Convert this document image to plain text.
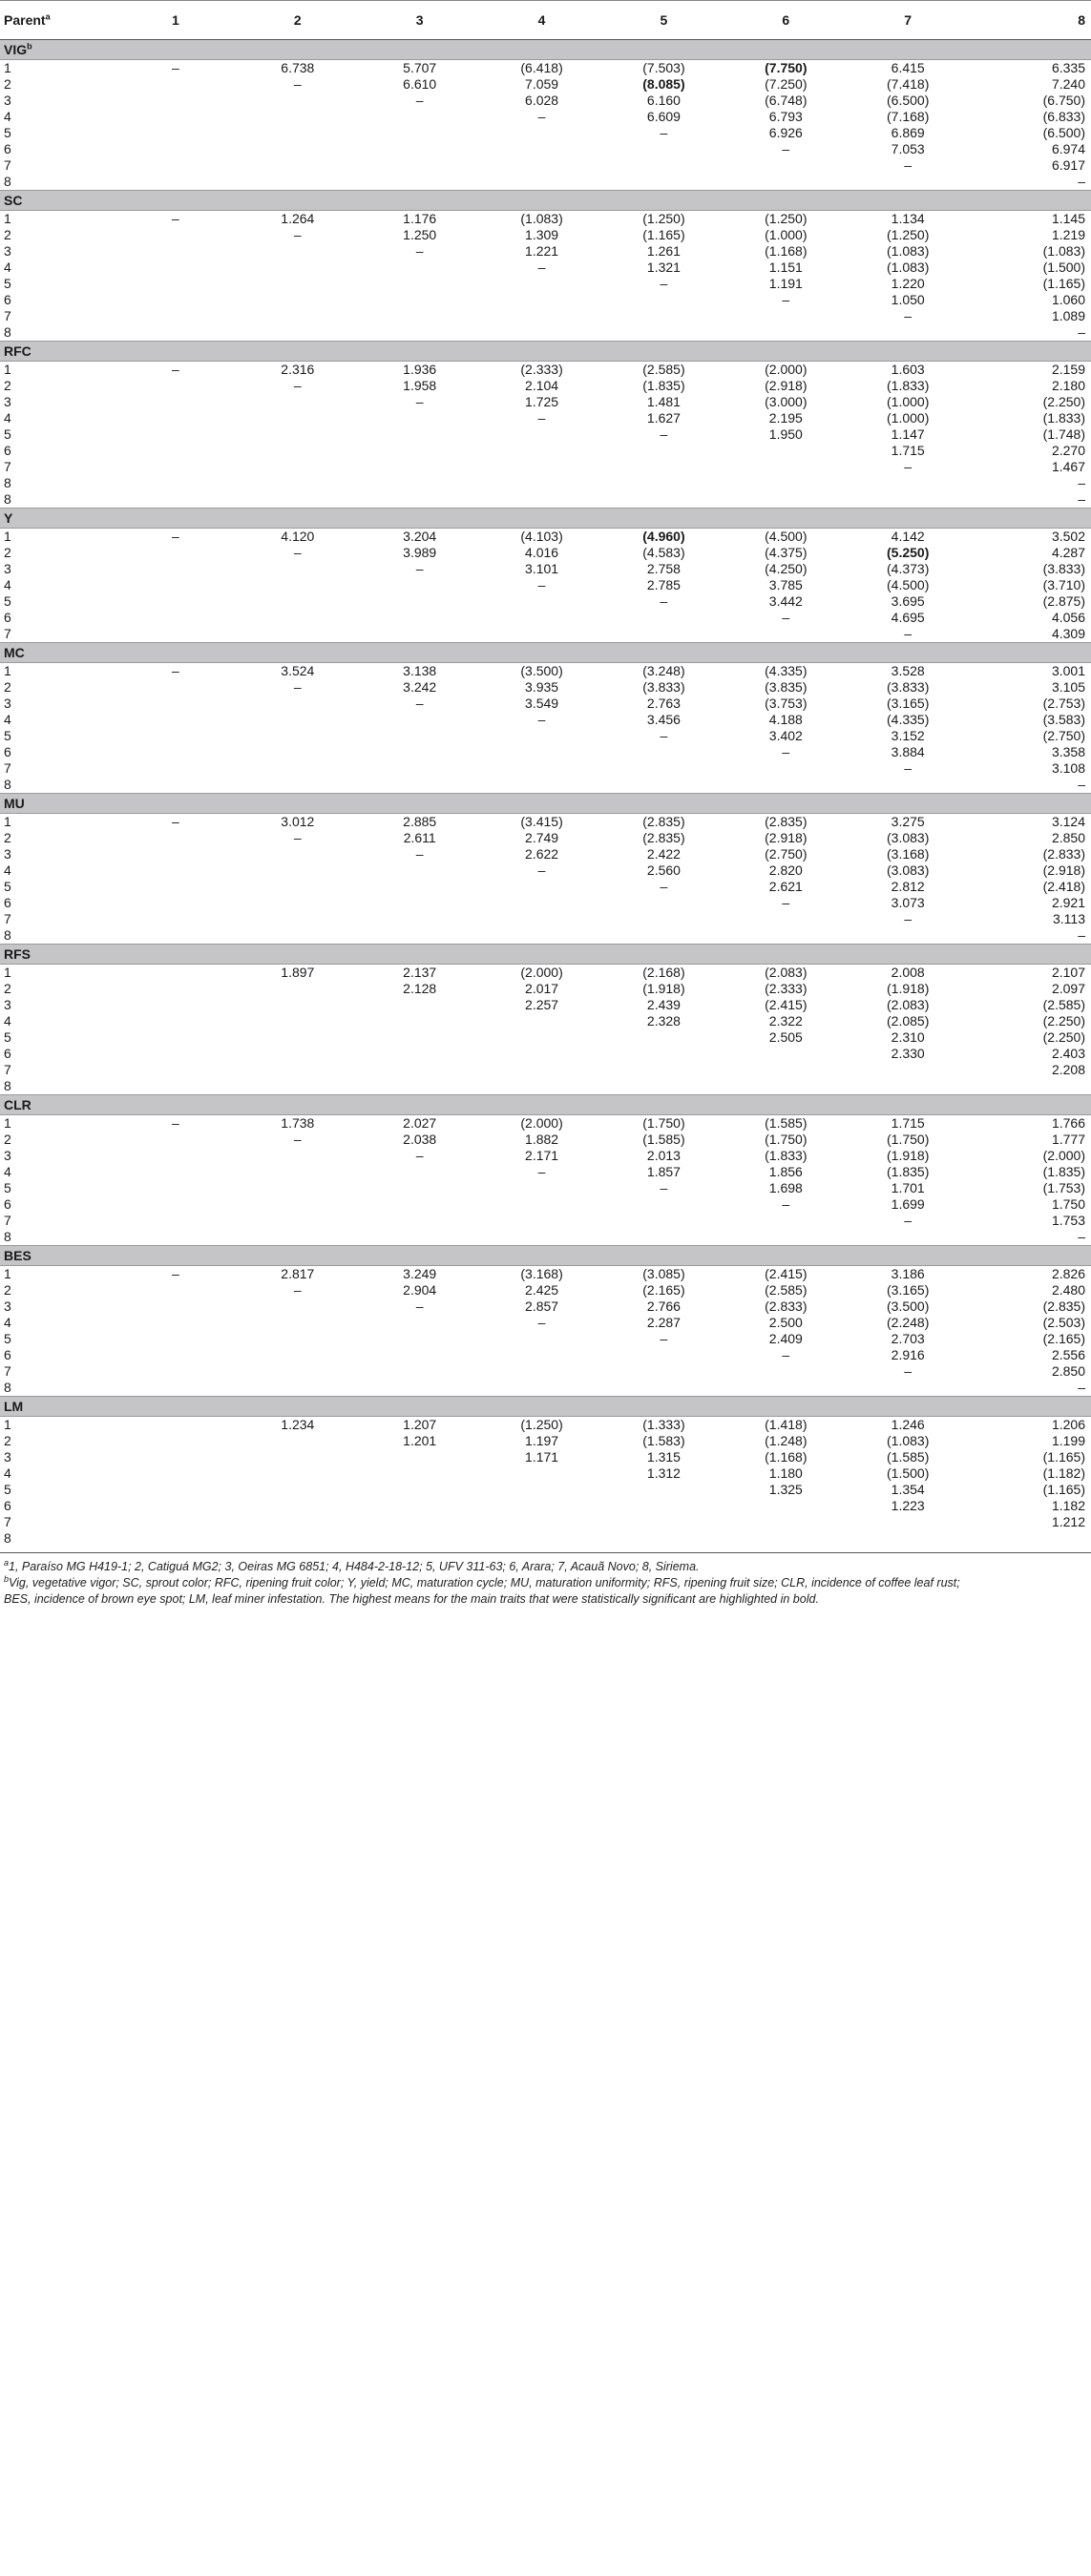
Parent$^a$	1	2	3	4	5	6	7	8
VIG$^b$
1	–	6.738	5.707	(6.418)	(7.503)	(7.750)	6.415	6.335
2		–	6.610	7.059	(8.085)	(7.250)	(7.418)	7.240
3			–	6.028	6.160	(6.748)	(6.500)	(6.750)
4				–	6.609	6.793	(7.168)	(6.833)
5					–	6.926	6.869	(6.500)
6						–	7.053	6.974
7							–	6.917
8								–
SC								
1	–	1.264	1.176	(1.083)	(1.250)	(1.250)	1.134	1.145
2		–	1.250	1.309	(1.165)	(1.000)	(1.250)	1.219
3			–	1.221	1.261	(1.168)	(1.083)	(1.083)
4				–	1.321	1.151	(1.083)	(1.500)
5					–	1.191	1.220	(1.165)
6						–	1.050	1.060
7							–	1.089
8								–
RFC								
1	–	2.316	1.936	(2.333)	(2.585)	(2.000)	1.603	2.159
2		–	1.958	2.104	(1.835)	(2.918)	(1.833)	2.180
3			–	1.725	1.481	(3.000)	(1.000)	(2.250)
4				–	1.627	2.195	(1.000)	(1.833)
5					–	1.950	1.147	(1.748)
6							1.715	2.270
7							–	1.467
8								–
8								–
Y								
1	–	4.120	3.204	(4.103)	(4.960)	(4.500)	4.142	3.502
2		–	3.989	4.016	(4.583)	(4.375)	(5.250)	4.287
3			–	3.101	2.758	(4.250)	(4.373)	(3.833)
4				–	2.785	3.785	(4.500)	(3.710)
5					–	3.442	3.695	(2.875)
6						–	4.695	4.056
7							–	4.309
MC								
1	–	3.524	3.138	(3.500)	(3.248)	(4.335)	3.528	3.001
2		–	3.242	3.935	(3.833)	(3.835)	(3.833)	3.105
3			–	3.549	2.763	(3.753)	(3.165)	(2.753)
4				–	3.456	4.188	(4.335)	(3.583)
5					–	3.402	3.152	(2.750)
6						–	3.884	3.358
7							–	3.108
8								–
MU								
1	–	3.012	2.885	(3.415)	(2.835)	(2.835)	3.275	3.124
2		–	2.611	2.749	(2.835)	(2.918)	(3.083)	2.850
3			–	2.622	2.422	(2.750)	(3.168)	(2.833)
4				–	2.560	2.820	(3.083)	(2.918)
5					–	2.621	2.812	(2.418)
6						–	3.073	2.921
7							–	3.113
8								–
RFS								
1		1.897	2.137	(2.000)	(2.168)	(2.083)	2.008	2.107
2			2.128	2.017	(1.918)	(2.333)	(1.918)	2.097
3				2.257	2.439	(2.415)	(2.083)	(2.585)
4					2.328	2.322	(2.085)	(2.250)
5						2.505	2.310	(2.250)
6							2.330	2.403
7								2.208
8								
CLR								
1	–	1.738	2.027	(2.000)	(1.750)	(1.585)	1.715	1.766
2		–	2.038	1.882	(1.585)	(1.750)	(1.750)	1.777
3			–	2.171	2.013	(1.833)	(1.918)	(2.000)
4				–	1.857	1.856	(1.835)	(1.835)
5					–	1.698	1.701	(1.753)
6						–	1.699	1.750
7							–	1.753
8								–
BES								
1	–	2.817	3.249	(3.168)	(3.085)	(2.415)	3.186	2.826
2		–	2.904	2.425	(2.165)	(2.585)	(3.165)	2.480
3			–	2.857	2.766	(2.833)	(3.500)	(2.835)
4				–	2.287	2.500	(2.248)	(2.503)
5					–	2.409	2.703	(2.165)
6						–	2.916	2.556
7							–	2.850
8								–
LM								
1		1.234	1.207	(1.250)	(1.333)	(1.418)	1.246	1.206
2			1.201	1.197	(1.583)	(1.248)	(1.083)	1.199
3				1.171	1.315	(1.168)	(1.585)	(1.165)
4					1.312	1.180	(1.500)	(1.182)
5						1.325	1.354	(1.165)
6							1.223	1.182
7								1.212
8								

$^a$1, Paraíso MG H419-1; 2, Catiguá MG2; 3, Oeiras MG 6851; 4, H484-2-18-12; 5, UFV 311-63; 6, Arara; 7, Acauã Novo; 8, Siriema.

$^b$Vig, vegetative vigor; SC, sprout color; RFC, ripening fruit color; Y, yield; MC, maturation cycle; MU, maturation uniformity; RFS, ripening fruit size; CLR, incidence of coffee leaf rust;

BES, incidence of brown eye spot; LM, leaf miner infestation. The highest means for the main traits that were statistically significant are highlighted in bold.
